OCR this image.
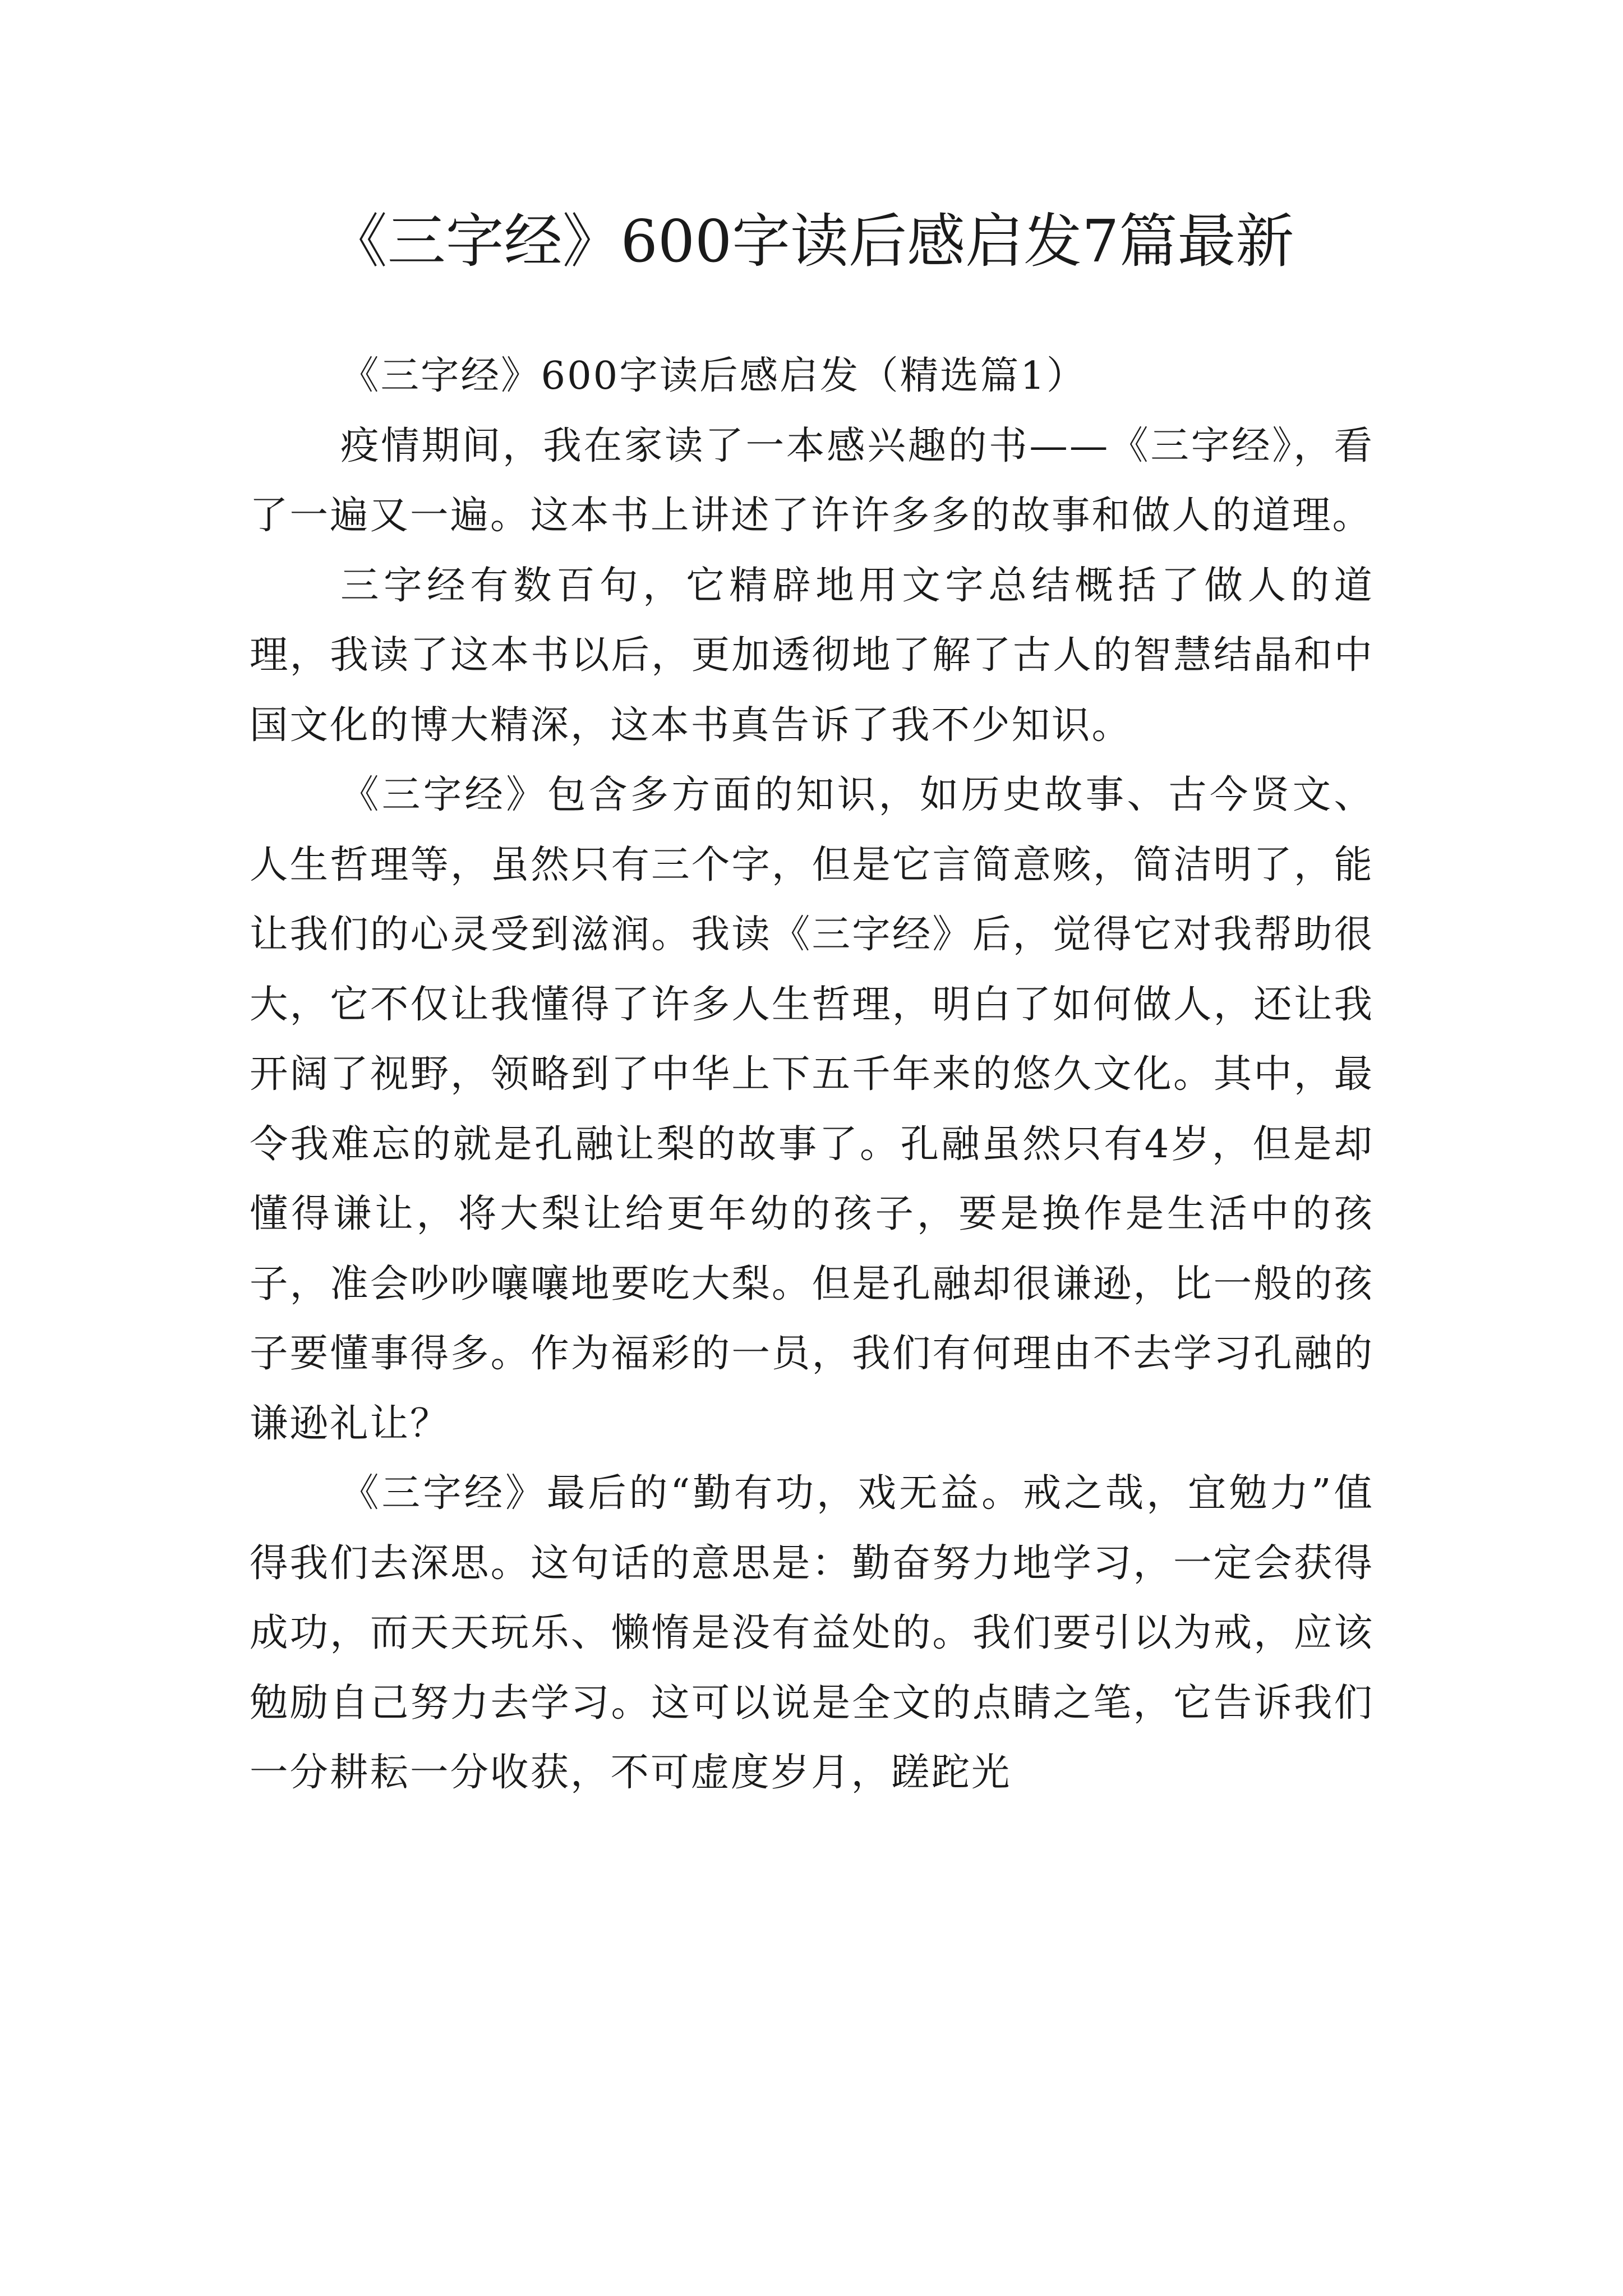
《三字经》600字读后感启发7篇最新

《三字经》600字读后感启发（精选篇1）

疫情期间，我在家读了一本感兴趣的书——《三字经》，看了一遍又一遍。这本书上讲述了许许多多的故事和做人的道理。

三字经有数百句，它精辟地用文字总结概括了做人的道理，我读了这本书以后，更加透彻地了解了古人的智慧结晶和中国文化的博大精深，这本书真告诉了我不少知识。

《三字经》包含多方面的知识，如历史故事、古今贤文、人生哲理等，虽然只有三个字，但是它言简意赅，简洁明了，能让我们的心灵受到滋润。我读《三字经》后，觉得它对我帮助很大，它不仅让我懂得了许多人生哲理，明白了如何做人，还让我开阔了视野，领略到了中华上下五千年来的悠久文化。其中，最令我难忘的就是孔融让梨的故事了。孔融虽然只有4岁，但是却懂得谦让，将大梨让给更年幼的孩子，要是换作是生活中的孩子，准会吵吵嚷嚷地要吃大梨。但是孔融却很谦逊，比一般的孩子要懂事得多。作为福彩的一员，我们有何理由不去学习孔融的谦逊礼让？

《三字经》最后的“勤有功，戏无益。戒之哉，宜勉力”值得我们去深思。这句话的意思是：勤奋努力地学习，一定会获得成功，而天天玩乐、懒惰是没有益处的。我们要引以为戒，应该勉励自己努力去学习。这可以说是全文的点睛之笔，它告诉我们一分耕耘一分收获，不可虚度岁月，蹉跎光
